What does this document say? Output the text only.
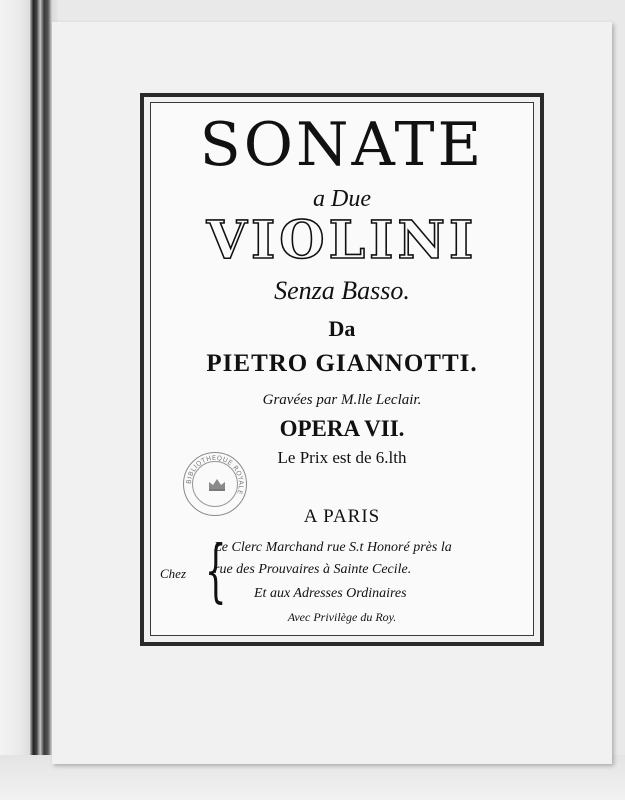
SONATE
a Due
VIOLINI
Senza Basso.
Da
PIETRO GIANNOTTI.
Gravées par M.lle Leclair.
OPERA VII.
Le Prix est de 6.lth
A PARIS
Chez {
Le Clerc Marchand rue S.t Honoré près la
rue des Prouvaires à Sainte Cecile.
Et aux Adresses Ordinaires
Avec Privilège du Roy.
BIBLIOTHEQUE ROYALE
